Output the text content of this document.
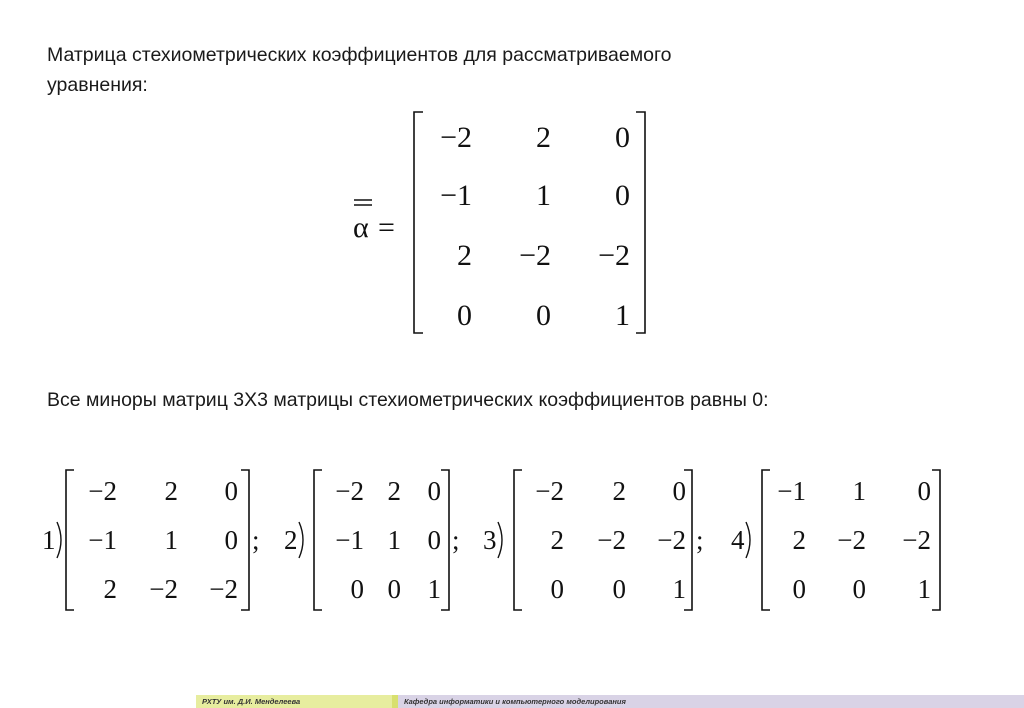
Матрица стехиометрических коэффициентов для рассматриваемого
уравнения:
α =
−2 2 0
−1 1 0
2 −2 −2
0 0 1
Все миноры матриц 3Х3 матрицы стехиометрических коэффициентов равны 0:
1
−2 2 0
−1 1 0
2 −2 −2
; 2
−2 2 0
−1 1 0
0 0 1
; 3
−2 2 0
2 −2 −2
0 0 1
; 4
−1 1 0
2 −2 −2
0 0 1
РХТУ им. Д.И. Менделеева	Кафедра информатики и компьютерного моделирования
